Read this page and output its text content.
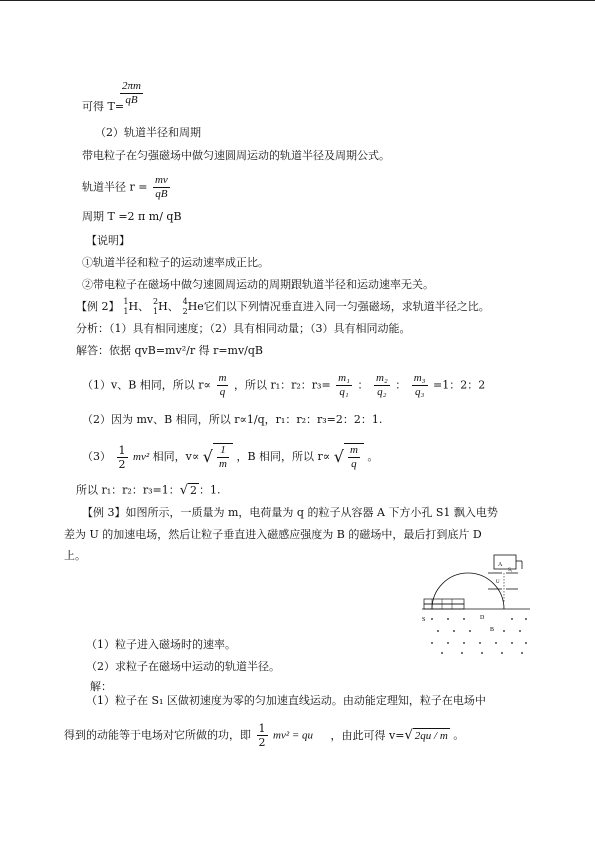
$\frac{2\pi m}{qB}$
可得 T=
（2）轨道半径和周期
带电粒子在匀强磁场中做匀速圆周运动的轨道半径及周期公式。
轨道半径 $r = \frac{mv}{qB}$
周期 T =2 π m/ qB
【说明】
①轨道半径和粒子的运动速率成正比。
②带电粒子在磁场中做匀速圆周运动的周期跟轨道半径和运动速率无关。
【例 2】 1
1 H、 2
1 H、 4
2 He它们以下列情况垂直进入同一匀强磁场，求轨道半径之比。
分析：（1）具有相同速度；（2）具有相同动量；（3）具有相同动能。
解答：依据 qvB=mv²/r 得 r=mv/qB
（1）v、B 相同，所以 $r\propto \frac{m}{q}$ ，所以 r₁：r₂：$r_3= \frac{\text{m₁}}{\text{q₁}}$ ： $\frac{\text{m₂}}{\text{q₂}}$ ： $\frac{\text{m₃}}{\text{q₃}} =1$：2：2
（2）因为 mv、B 相同，所以 r∝1/q，r₁：r₂：r₃=2：2：1.
$(3) \frac{1}{2} mv^2$ 相同，v∝ √ $\frac{1}{m}$ ，B 相同，所以 r∝ √ $\frac{m}{q}$ 。
所以 r₁：r₂：r₃=1：√ 2 ：1.
【例 3】如图所示，一质量为 m，电荷量为 q 的粒子从容器 A 下方小孔 S1 飘入电势
差为 U 的加速电场，然后让粒子垂直进入磁感应强度为 B 的磁场中，最后打到底片 D
上。
A
S₁
U
S	D
B
（1）粒子进入磁场时的速率。
（2）求粒子在磁场中运动的轨道半径。
解：
（1）粒子在 S₁ 区做初速度为零的匀加速直线运动。由动能定理知，粒子在电场中
得到的动能等于电场对它所做的功，即 $\frac{1}{2} mv^2$ = qu ，由此可得 v=√ 2qu / m 。
